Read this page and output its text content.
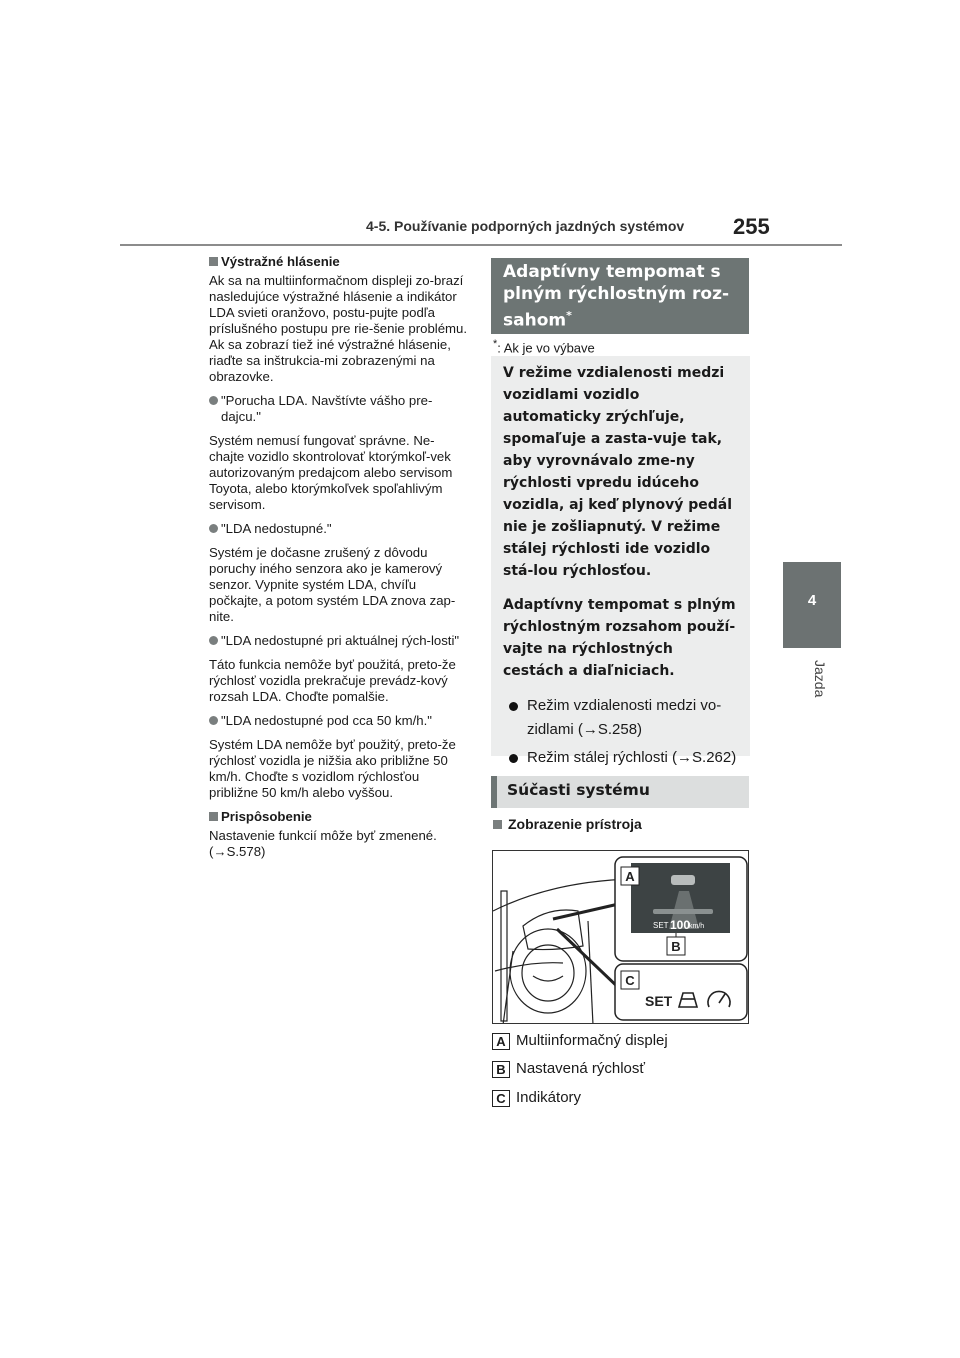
4-5. Používanie podporných jazdných systémov 255
4
Jazda
Výstražné hlásenie

Ak sa na multiinformačnom displeji zo-brazí nasledujúce výstražné hlásenie a indikátor LDA svieti oranžovo, postu-pujte podľa príslušného postupu pre rie-šenie problému. Ak sa zobrazí tiež iné výstražné hlásenie, riaďte sa inštrukcia-mi zobrazenými na obrazovke.

"Porucha LDA. Navštívte vášho pre-dajcu."

Systém nemusí fungovať správne. Ne-chajte vozidlo skontrolovať ktorýmkoľ-vek autorizovaným predajcom alebo servisom Toyota, alebo ktorýmkoľvek spoľahlivým servisom.

"LDA nedostupné."

Systém je dočasne zrušený z dôvodu poruchy iného senzora ako je kamerový senzor. Vypnite systém LDA, chvíľu počkajte, a potom systém LDA znova zap- nite.

"LDA nedostupné pri aktuálnej rých-losti"

Táto funkcia nemôže byť použitá, preto-že rýchlosť vozidla prekračuje prevádz-kový rozsah LDA. Choďte pomalšie.

"LDA nedostupné pod cca 50 km/h."

Systém LDA nemôže byť použitý, preto-že rýchlosť vozidla je nižšia ako približne 50 km/h. Choďte s vozidlom rýchlosťou približne 50 km/h alebo vyššou.

Prispôsobenie

Nastavenie funkcií môže byť zmenené. (→S.578)

Adaptívny tempomat s plným rýchlostným roz-sahom*
*: Ak je vo výbave

V režime vzdialenosti medzi vozidlami vozidlo automaticky zrýchľuje, spomaľuje a zasta-vuje tak, aby vyrovnávalo zme-ny rýchlosti vpredu idúceho vozidla, aj keď plynový pedál nie je zošliapnutý. V režime stálej rýchlosti ide vozidlo stá-lou rýchlosťou.

Adaptívny tempomat s plným rýchlostným rozsahom použí-vajte na rýchlostných cestách a diaľniciach.

Režim vzdialenosti medzi vo-zidlami (→S.258)
Režim stálej rýchlosti (→S.262)
Súčasti systému
Zobrazenie prístroja
A
SET 100
km/h
B
C
SET
A Multiinformačný displej
B Nastavená rýchlosť
C Indikátory
